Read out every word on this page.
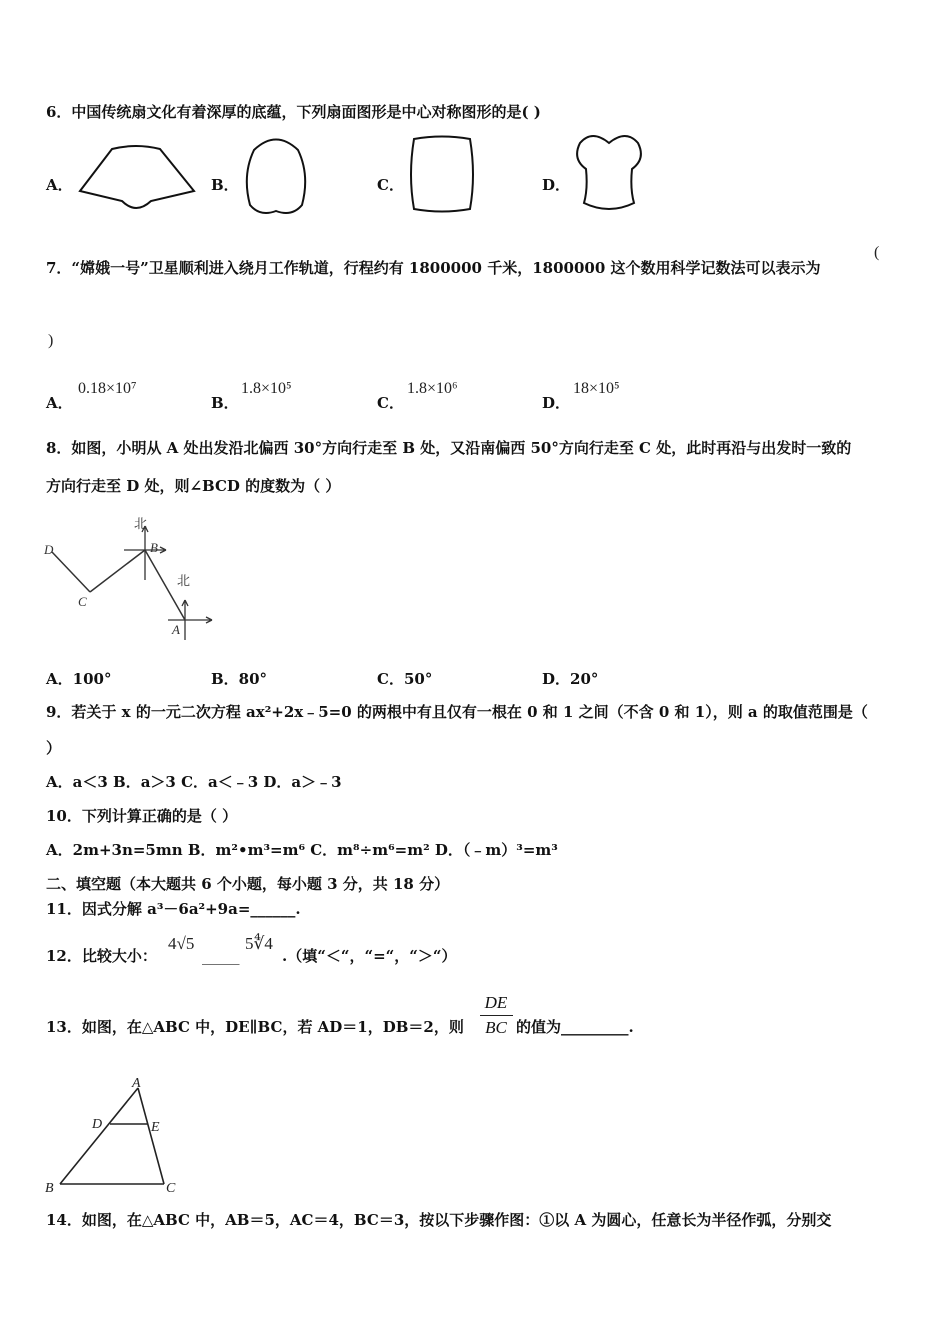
6．中国传统扇文化有着深厚的底蕴，下列扇面图形是中心对称图形的是( )
A．	B．	C．	D．
7．“嫦娥一号”卫星顺利进入绕月工作轨道，行程约有 1800000 千米，1800000 这个数用科学记数法可以表示为
(
)
A．
0.18×10⁷
B．
1.8×10⁵
C．
1.8×10⁶
D．
18×10⁵
8．如图，小明从 A 处出发沿北偏西 30°方向行走至 B 处，又沿南偏西 50°方向行走至 C 处，此时再沿与出发时一致的
方向行走至 D 处，则∠BCD 的度数为（ ）
北
北
B
A
C
D
A．100°	B．80°	C．50°	D．20°
9．若关于 x 的一元二次方程 ax²+2x﹣5=0 的两根中有且仅有一根在 0 和 1 之间（不含 0 和 1），则 a 的取值范围是（
）
A．a＜3 B．a＞3 C．a＜﹣3 D．a＞﹣3
10．下列计算正确的是（ ）
A．2m+3n=5mn B．m²•m³=m⁶ C．m⁸÷m⁶=m² D．（﹣m）³=m³
二、填空题（本大题共 6 个小题，每小题 3 分，共 18 分）
11．因式分解 a³－6a²+9a=______.
12．比较大小：
4√5
_____
5∜4
.（填“＜“，“=“，“＞“）
13．如图，在△ABC 中，DE∥BC，若 AD＝1，DB＝2，则
DE
BC 的值为_________.
A
D	E
B	C
14．如图，在△ABC 中，AB＝5，AC＝4，BC＝3，按以下步骤作图：①以 A 为圆心，任意长为半径作弧，分别交
